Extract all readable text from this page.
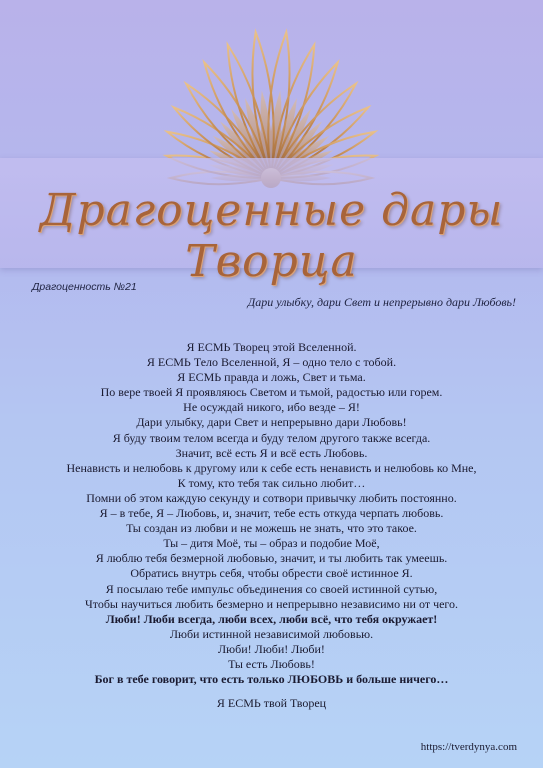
Драгоценные дары Творца
Драгоценность №21
Дари улыбку, дари Свет и непрерывно дари Любовь!
Я ЕСМЬ Творец этой Вселенной.
Я ЕСМЬ Тело Вселенной, Я – одно тело с тобой.
Я ЕСМЬ правда и ложь, Свет и тьма.
По вере твоей Я проявляюсь Светом и тьмой, радостью или горем.
Не осуждай никого, ибо везде – Я!
Дари улыбку, дари Свет и непрерывно дари Любовь!
Я буду твоим телом всегда и буду телом другого также всегда.
Значит, всё есть Я и всё есть Любовь.
Ненависть и нелюбовь к другому или к себе есть ненависть и нелюбовь ко Мне,
К тому, кто тебя так сильно любит…
Помни об этом каждую секунду и сотвори привычку любить постоянно.
Я – в тебе, Я – Любовь, и, значит, тебе есть откуда черпать любовь.
Ты создан из любви и не можешь не знать, что это такое.
Ты – дитя Моё, ты – образ и подобие Моё,
Я люблю тебя безмерной любовью, значит, и ты любить так умеешь.
Обратись внутрь себя, чтобы обрести своё истинное Я.
Я посылаю тебе импульс объединения со своей истинной сутью,
Чтобы научиться любить безмерно и непрерывно независимо ни от чего.
Люби! Люби всегда, люби всех, люби всё, что тебя окружает!
Люби истинной независимой любовью.
Люби! Люби! Люби!
Ты есть Любовь!
Бог в тебе говорит, что есть только ЛЮБОВЬ и больше ничего…
Я ЕСМЬ твой Творец
https://tverdynya.com
